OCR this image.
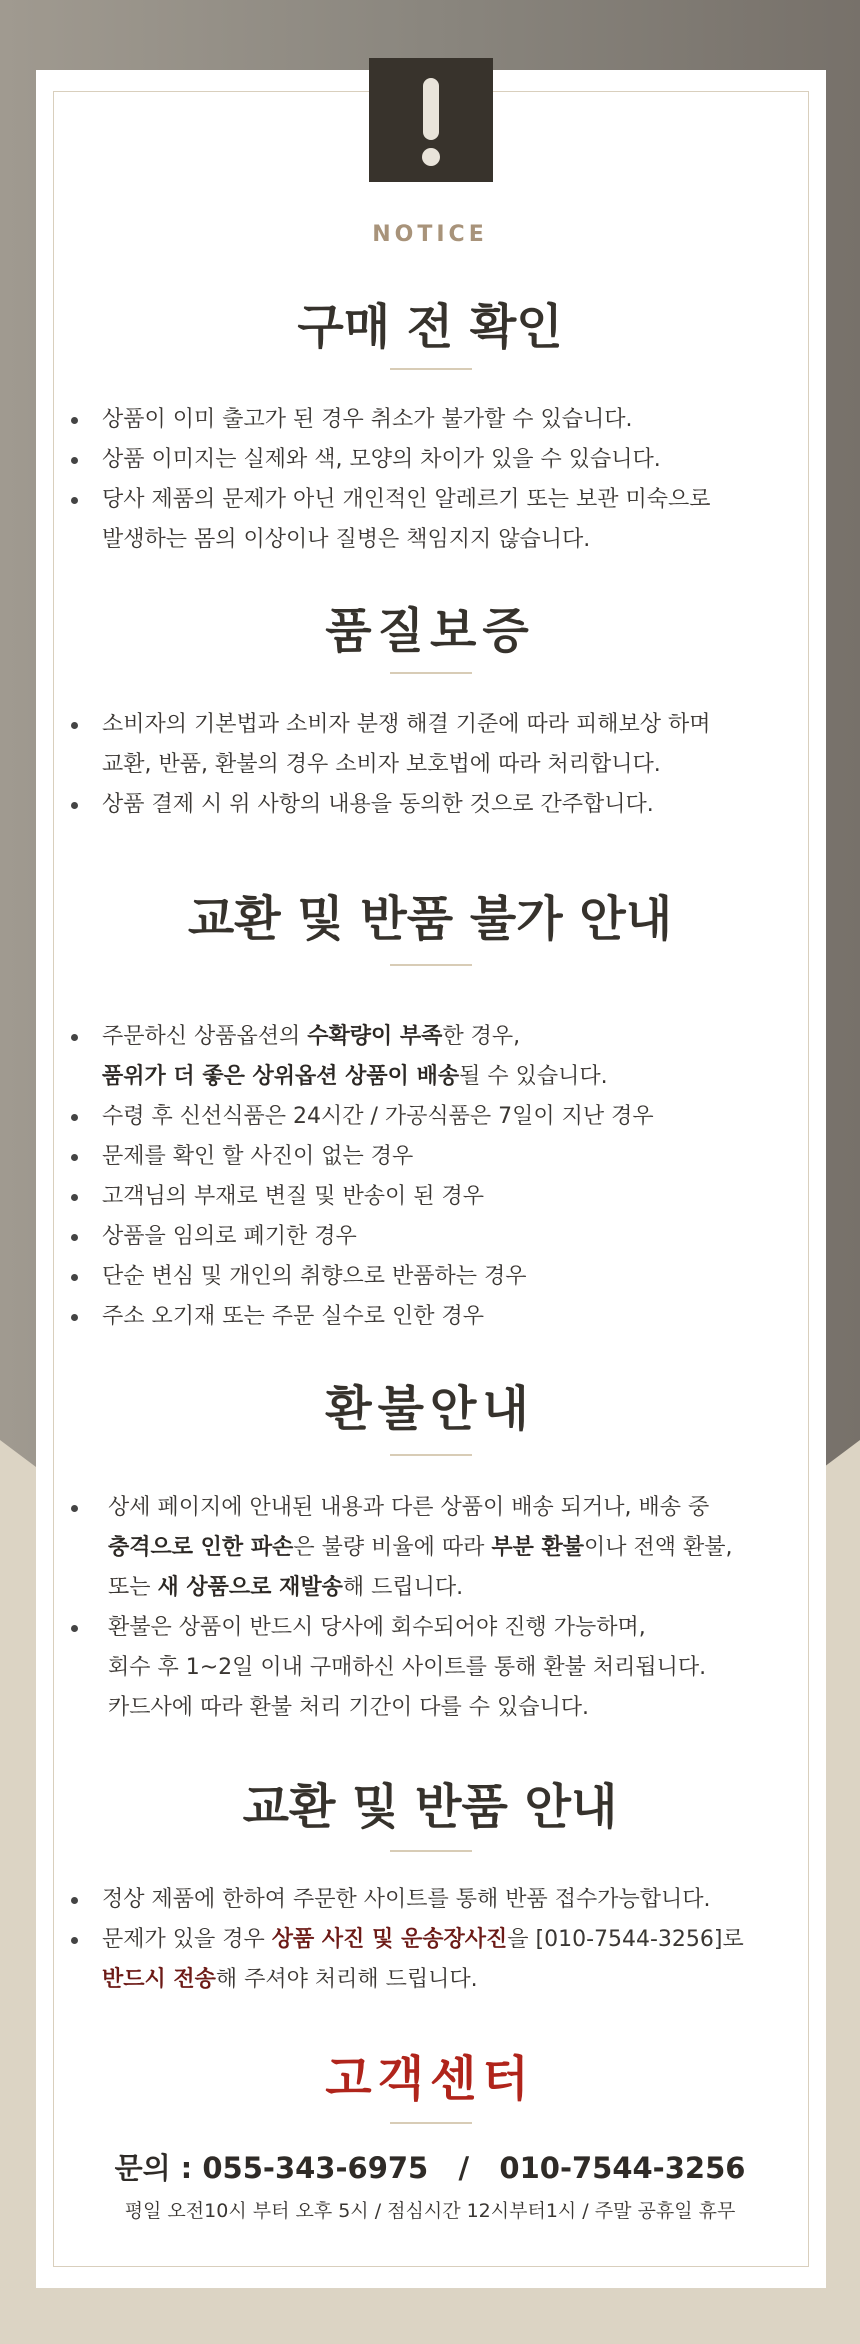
NOTICE
구매 전 확인
상품이 이미 출고가 된 경우 취소가 불가할 수 있습니다.
상품 이미지는 실제와 색, 모양의 차이가 있을 수 있습니다.
당사 제품의 문제가 아닌 개인적인 알레르기 또는 보관 미숙으로
발생하는 몸의 이상이나 질병은 책임지지 않습니다.
품질보증
소비자의 기본법과 소비자 분쟁 해결 기준에 따라 피해보상 하며
교환, 반품, 환불의 경우 소비자 보호법에 따라 처리합니다.
상품 결제 시 위 사항의 내용을 동의한 것으로 간주합니다.
교환 및 반품 불가 안내
주문하신 상품옵션의 수확량이 부족한 경우,
품위가 더 좋은 상위옵션 상품이 배송될 수 있습니다.
수령 후 신선식품은 24시간 / 가공식품은 7일이 지난 경우
문제를 확인 할 사진이 없는 경우
고객님의 부재로 변질 및 반송이 된 경우
상품을 임의로 폐기한 경우
단순 변심 및 개인의 취향으로 반품하는 경우
주소 오기재 또는 주문 실수로 인한 경우
환불안내
상세 페이지에 안내된 내용과 다른 상품이 배송 되거나, 배송 중
충격으로 인한 파손은 불량 비율에 따라 부분 환불이나 전액 환불,
또는 새 상품으로 재발송해 드립니다.
환불은 상품이 반드시 당사에 회수되어야 진행 가능하며,
회수 후 1~2일 이내 구매하신 사이트를 통해 환불 처리됩니다.
카드사에 따라 환불 처리 기간이 다를 수 있습니다.
교환 및 반품 안내
정상 제품에 한하여 주문한 사이트를 통해 반품 접수가능합니다.
문제가 있을 경우 상품 사진 및 운송장사진을 [010-7544-3256]로
반드시 전송해 주셔야 처리해 드립니다.
고객센터
문의 : 055-343-6975   /   010-7544-3256
평일 오전10시 부터 오후 5시 / 점심시간 12시부터1시 / 주말 공휴일 휴무
